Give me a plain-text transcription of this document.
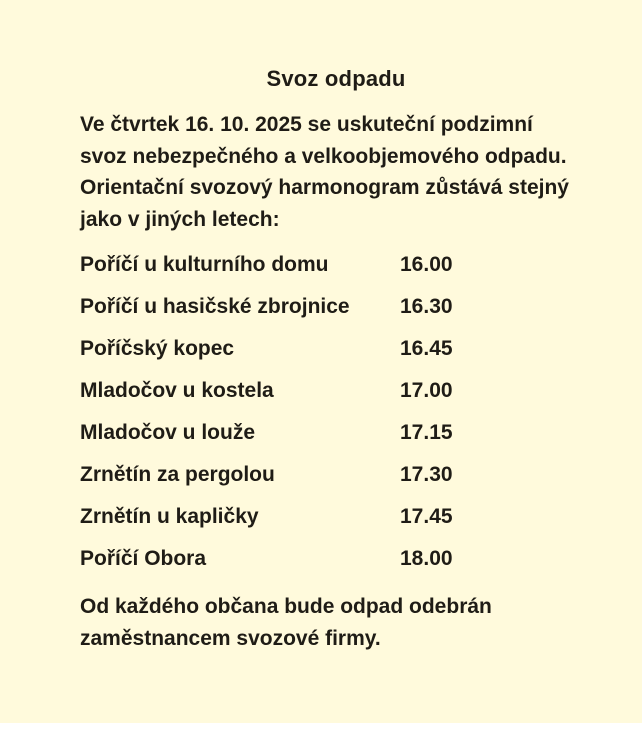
Svoz odpadu
Ve čtvrtek 16. 10. 2025 se uskuteční podzimní
svoz nebezpečného a velkoobjemového odpadu.
Orientační svozový harmonogram zůstává stejný
jako v jiných letech:
Poříčí u kulturního domu	16.00
Poříčí u hasičské zbrojnice	16.30
Poříčský kopec	16.45
Mladočov u kostela	17.00
Mladočov u louže	17.15
Zrnětín za pergolou	17.30
Zrnětín u kapličky	17.45
Poříčí Obora	18.00
Od každého občana bude odpad odebrán
zaměstnancem svozové firmy.
